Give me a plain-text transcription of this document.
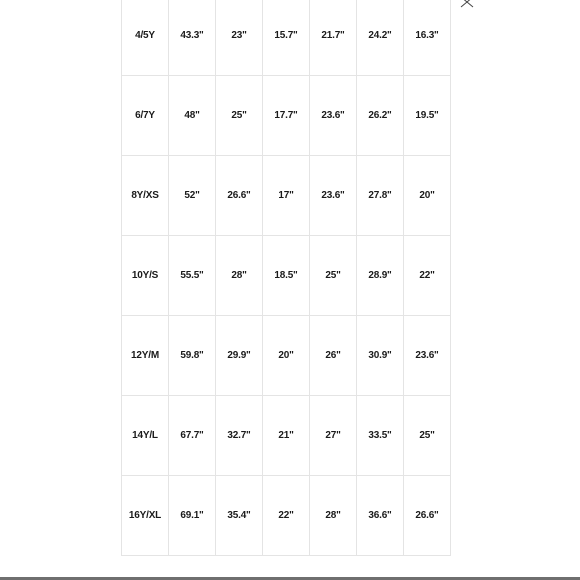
4/5Y	43.3"	23"	15.7"	21.7"	24.2"	16.3"
6/7Y	48"	25"	17.7"	23.6"	26.2"	19.5"
8Y/XS	52"	26.6"	17"	23.6"	27.8"	20"
10Y/S	55.5"	28"	18.5"	25"	28.9"	22"
12Y/M	59.8"	29.9"	20"	26"	30.9"	23.6"
14Y/L	67.7"	32.7"	21"	27"	33.5"	25"
16Y/XL	69.1"	35.4"	22"	28"	36.6"	26.6"
